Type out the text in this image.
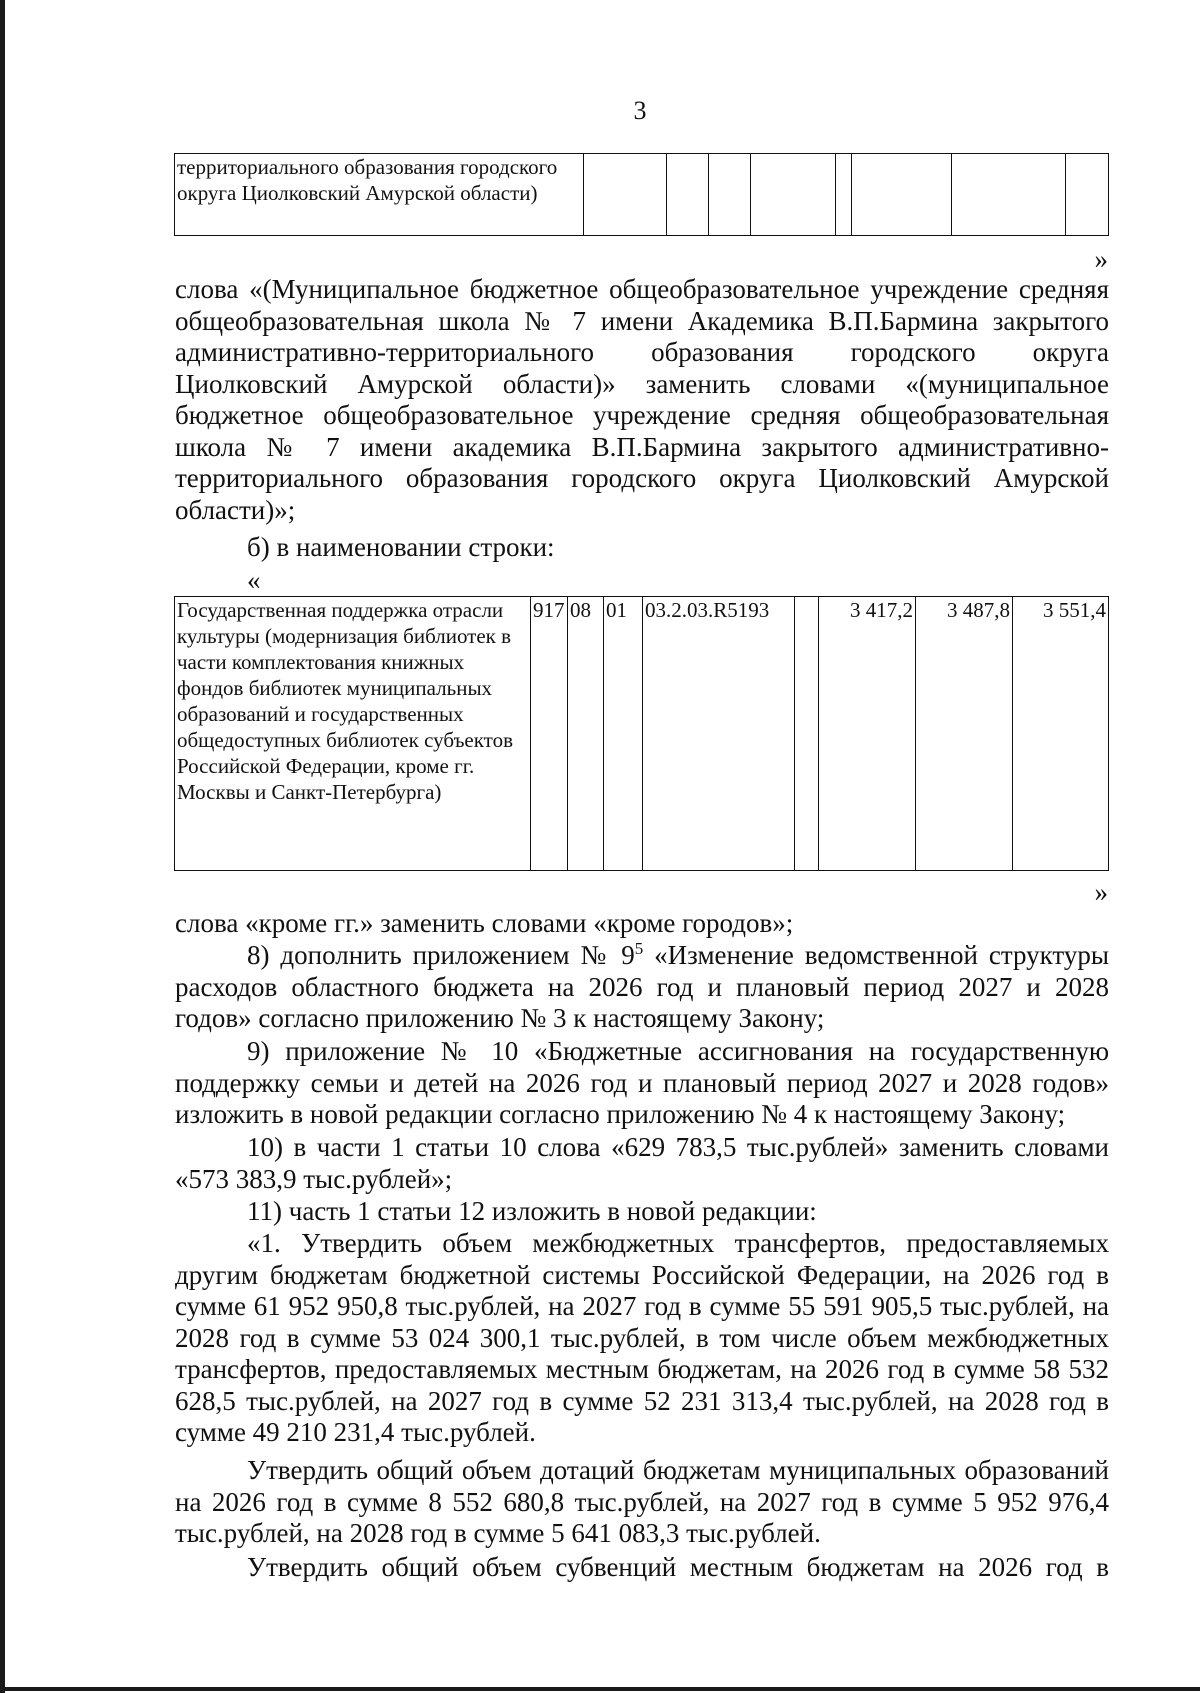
3
территориального образования городского округа Циолковский Амурской области)								
»

слова «(Муниципальное бюджетное общеобразовательное учреждение средняя общеобразовательная школа № 7 имени Академика В.П.Бармина закрытого административно-территориального образования городского округа Циолковский Амурской области)» заменить словами «(муниципальное бюджетное общеобразовательное учреждение средняя общеобразовательная школа № 7 имени академика В.П.Бармина закрытого административно-территориального образования городского округа Циолковский Амурской области)»;

б) в наименовании строки:
«
Государственная поддержка отрасли культуры (модернизация библиотек в части комплектования книжных фондов библиотек муниципальных образований и государственных общедоступных библиотек субъектов Российской Федерации, кроме гг. Москвы и Санкт-Петербурга)	917	08	01	03.2.03.R5193		3 417,2	3 487,8	3 551,4
»
слова «кроме гг.» заменить словами «кроме городов»;

8) дополнить приложением № $9^5$ «Изменение ведомственной структуры расходов областного бюджета на 2026 год и плановый период 2027 и 2028 годов» согласно приложению № 3 к настоящему Закону;

9) приложение № 10 «Бюджетные ассигнования на государственную поддержку семьи и детей на 2026 год и плановый период 2027 и 2028 годов» изложить в новой редакции согласно приложению № 4 к настоящему Закону;

10) в части 1 статьи 10 слова «629 783,5 тыс.рублей» заменить словами «573 383,9 тыс.рублей»;

11) часть 1 статьи 12 изложить в новой редакции:

«1. Утвердить объем межбюджетных трансфертов, предоставляемых другим бюджетам бюджетной системы Российской Федерации, на 2026 год в сумме 61 952 950,8 тыс.рублей, на 2027 год в сумме 55 591 905,5 тыс.рублей, на 2028 год в сумме 53 024 300,1 тыс.рублей, в том числе объем межбюджетных трансфертов, предоставляемых местным бюджетам, на 2026 год в сумме 58 532 628,5 тыс.рублей, на 2027 год в сумме 52 231 313,4 тыс.рублей, на 2028 год в сумме 49 210 231,4 тыс.рублей.

Утвердить общий объем дотаций бюджетам муниципальных образований на 2026 год в сумме 8 552 680,8 тыс.рублей, на 2027 год в сумме 5 952 976,4 тыс.рублей, на 2028 год в сумме 5 641 083,3 тыс.рублей.

Утвердить общий объем субвенций местным бюджетам на 2026 год в
